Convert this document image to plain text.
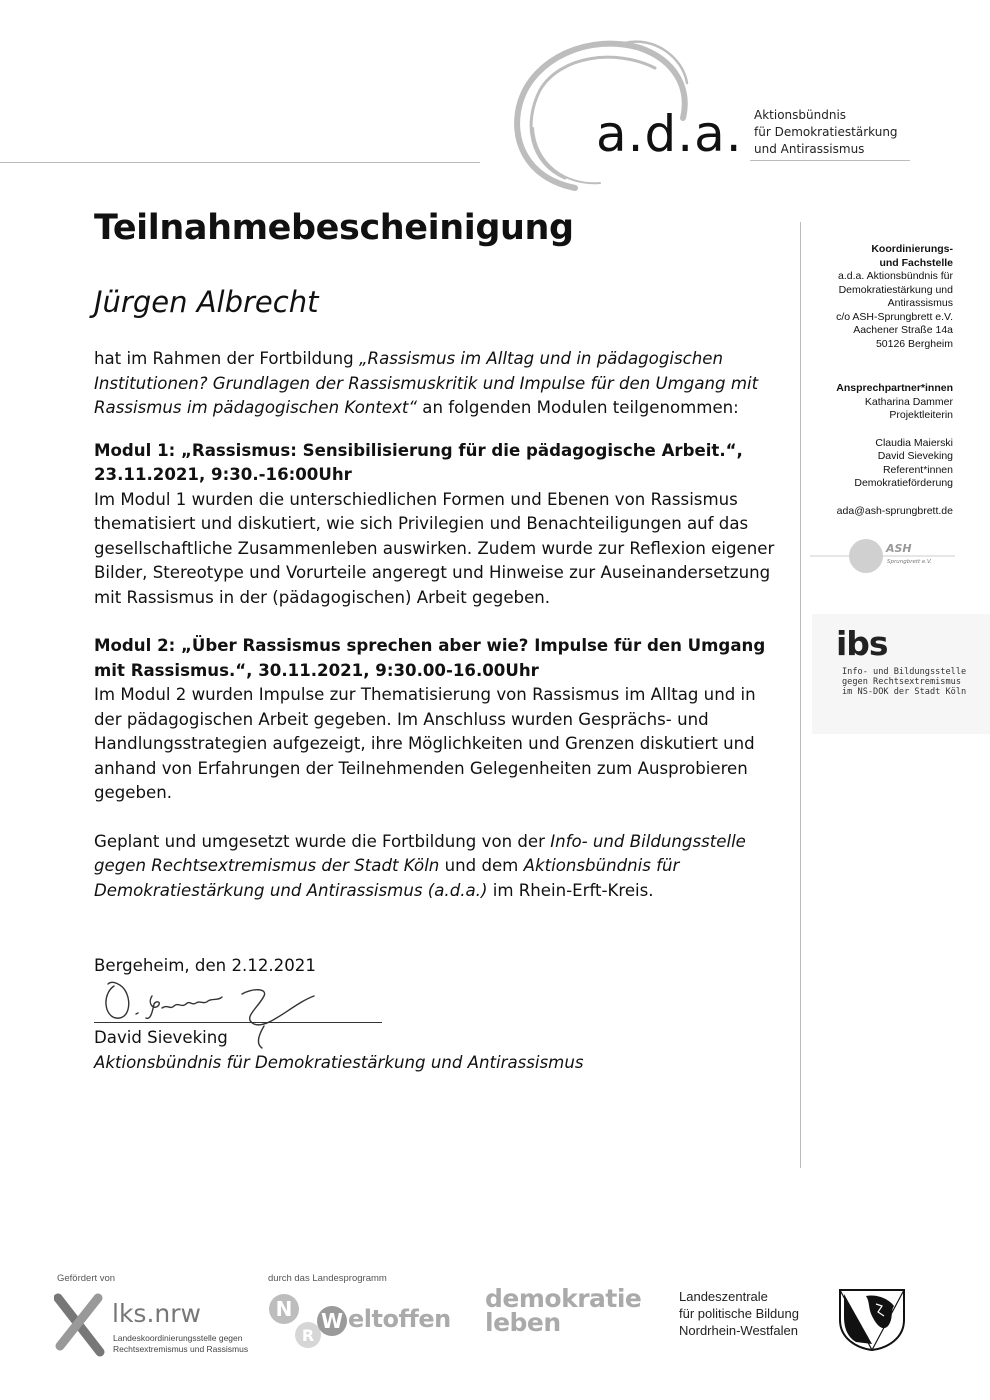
a.d.a. Aktionsbündnis
für Demokratiestärkung
und Antirassismus
Koordinierungs-
und Fachstelle
a.d.a. Aktionsbündnis für
Demokratiestärkung und
Antirassismus
c/o ASH-Sprungbrett e.V.
Aachener Straße 14a
50126 Bergheim
Ansprechpartner*innen
Katharina Dammer
Projektleiterin
Claudia Maierski
David Sieveking
Referent*innen
Demokratieförderung
ada@ash-sprungbrett.de
ASH
Sprungbrett e.V.
ibs
Info- und Bildungsstelle
gegen Rechtsextremismus
im NS-DOK der Stadt Köln
Teilnahmebescheinigung
Jürgen Albrecht
hat im Rahmen der Fortbildung „Rassismus im Alltag und in pädagogischen Institutionen? Grundlagen der Rassismuskritik und Impulse für den Umgang mit Rassismus im pädagogischen Kontext“ an folgenden Modulen teilgenommen:
Modul 1: „Rassismus: Sensibilisierung für die pädagogische Arbeit.“, 23.11.2021, 9:30.-16:00Uhr
Im Modul 1 wurden die unterschiedlichen Formen und Ebenen von Rassismus thematisiert und diskutiert, wie sich Privilegien und Benachteiligungen auf das gesellschaftliche Zusammenleben auswirken. Zudem wurde zur Reflexion eigener Bilder, Stereotype und Vorurteile angeregt und Hinweise zur Auseinandersetzung mit Rassismus in der (pädagogischen) Arbeit gegeben.
Modul 2: „Über Rassismus sprechen aber wie? Impulse für den Umgang mit Rassismus.“, 30.11.2021, 9:30.00-16.00Uhr
Im Modul 2 wurden Impulse zur Thematisierung von Rassismus im Alltag und in der pädagogischen Arbeit gegeben. Im Anschluss wurden Gesprächs- und Handlungsstrategien aufgezeigt, ihre Möglichkeiten und Grenzen diskutiert und anhand von Erfahrungen der Teilnehmenden Gelegenheiten zum Ausprobieren gegeben.
Geplant und umgesetzt wurde die Fortbildung von der Info- und Bildungsstelle gegen Rechtsextremismus der Stadt Köln und dem Aktionsbündnis für Demokratiestärkung und Antirassismus (a.d.a.) im Rhein-Erft-Kreis.
Bergeheim, den 2.12.2021
David Sieveking
Aktionsbündnis für Demokratiestärkung und Antirassismus
Gefördert von	durch das Landesprogramm
lks.nrw
Landeskoordinierungsstelle gegen
Rechtsextremismus und Rassismus
N
R
W eltoffen
demokratie
leben
Landeszentrale
für politische Bildung
Nordrhein-Westfalen
